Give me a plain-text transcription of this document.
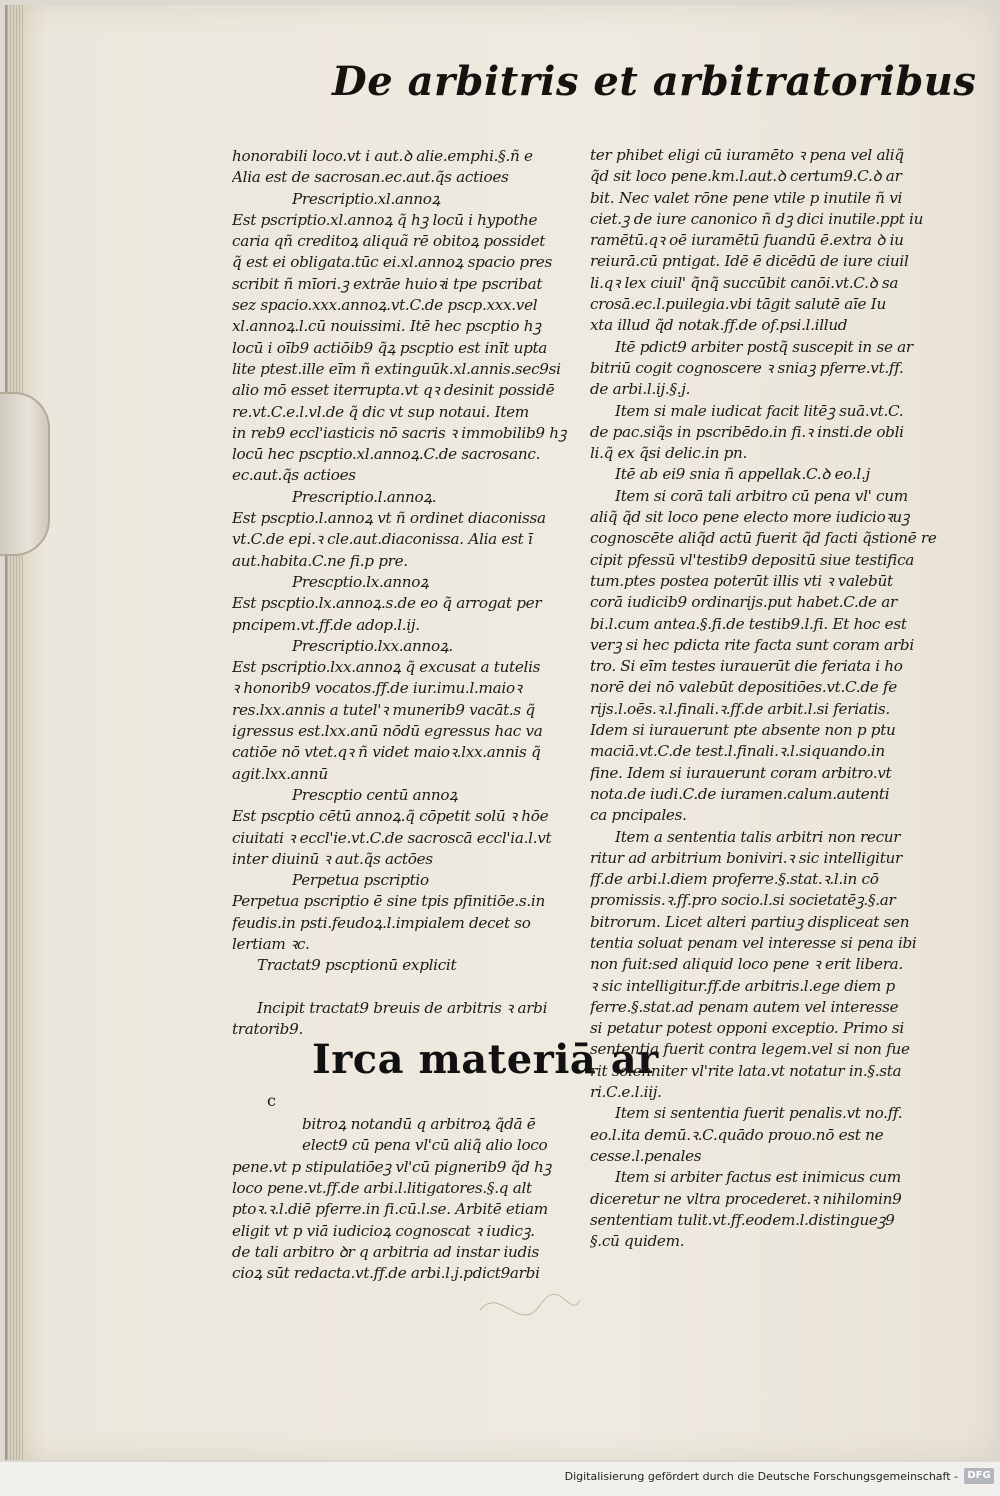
De arbitris et arbitratoribus
honorabili loco.vt i aut.ꝺ alie.emphi.§.ñ e
Alia est de sacrosan.ec.aut.q̃s actioes
Prescriptio.xl.annoꝝ
Est pscriptio.xl.annoꝝ q̃ hꝫ locū i hypothe
caria qñ creditoꝝ aliquã rē obitoꝝ possidet
q̃ est ei obligata.tūc ei.xl.annoꝝ spacio pres
scribit ñ mīori.ꝫ extrāe huioꝛi tpe pscribat
sez spacio.xxx.annoꝝ.vt.C.de pscp.xxx.vel
xl.annoꝝ.l.cū nouissimi. Itē hec pscptio hꝫ
locū i oīb9 actiōib9 q̃ꝝ pscptio est inīt upta
lite ptest.ille eīm ñ extinguūk.xl.annis.sec9si
alio mō esset iterrupta.vt qꝛ desinit possidē
re.vt.C.e.l.vl.de q̃ dic vt sup notaui. Item
in reb9 eccl'iasticis nō sacris ꝛ immobilib9 hꝫ
locū hec pscptio.xl.annoꝝ.C.de sacrosanc.
ec.aut.q̃s actioes
Prescriptio.l.annoꝝ.
Est pscptio.l.annoꝝ vt ñ ordinet diaconissa
vt.C.de epi.ꝛ cle.aut.diaconissa. Alia est ī
aut.habita.C.ne fi.p pre.
Prescptio.lx.annoꝝ
Est pscptio.lx.annoꝝ.s.de eo q̃ arrogat per
pncipem.vt.ff.de adop.l.ij.
Prescriptio.lxx.annoꝝ.
Est pscriptio.lxx.annoꝝ q̃ excusat a tutelis
ꝛ honorib9 vocatos.ff.de iur.imu.l.maioꝛ
res.lxx.annis a tutel'ꝛ munerib9 vacāt.s q̃
igressus est.lxx.anū nōdū egressus hac va
catiōe nō vtet.qꝛ ñ videt maioꝛ.lxx.annis q̃
agit.lxx.annū
Prescptio centū annoꝝ
Est pscptio cētū annoꝝ.q̃ cōpetit solū ꝛ hōe
ciuitati ꝛ eccl'ie.vt.C.de sacroscā eccl'ia.l.vt
inter diuinū ꝛ aut.q̃s actōes
Perpetua pscriptio
Perpetua pscriptio ē sine tpis pfinitiōe.s.in
feudis.in psti.feudoꝝ.l.impialem decet so
lertiam ꝛc.
Tractat9 pscptionū explicit
Incipit tractat9 breuis de arbitris ꝛ arbi
tratorib9.
Irca materiā ar
c
bitroꝝ notandū q arbitroꝝ q̃dā ē
elect9 cū pena vl'cū aliq̃ alio loco
pene.vt p stipulatiōeꝫ vl'cū pignerib9 q̃d hꝫ
loco pene.vt.ff.de arbi.l.litigatores.§.q alt
ptoꝛ.ꝛ.l.diē pferre.in fi.cū.l.se. Arbitē etiam
eligit vt p viā iudicioꝝ cognoscat ꝛ iudicꝫ.
de tali arbitro ꝺr q arbitria ad instar iudis
cioꝝ sūt redacta.vt.ff.de arbi.l.j.pdict9arbi
ter phibet eligi cū iuramēto ꝛ pena vel aliq̃
q̃d sit loco pene.km.l.aut.ꝺ certum9.C.ꝺ ar
bit. Nec valet rōne pene vtile p inutile ñ vi
ciet.ꝫ de iure canonico ñ dꝫ dici inutile.ppt iu
ramētū.qꝛ oē iuramētū fuandū ē.extra ꝺ iu
reiurā.cū pntigat. Idē ē dicēdū de iure ciuil
li.qꝛ lex ciuil' q̃nq̃ succūbit canōi.vt.C.ꝺ sa
crosā.ec.l.puilegia.vbi tāgit salutē aīe Iu
xta illud q̃d notak.ff.de of.psi.l.illud
Itē pdict9 arbiter postq̃ suscepit in se ar
bitriū cogit cognoscere ꝛ sniaꝫ pferre.vt.ff.
de arbi.l.ij.§.j.
Item si male iudicat facit litēꝫ suā.vt.C.
de pac.siq̃s in pscribēdo.in fi.ꝛ insti.de obli
li.q̃ ex q̃si delic.in pn.
Itē ab ei9 snia ñ appellak.C.ꝺ eo.l.j
Item si corā tali arbitro cū pena vl' cum
aliq̃ q̃d sit loco pene electo more iudicioꝛuꝫ
cognoscēte aliq̃d actū fuerit q̃d facti q̃stionē re
cipit pfessū vl'testib9 depositū siue testifica
tum.ptes postea poterūt illis vti ꝛ valebūt
corā iudicib9 ordinarijs.put habet.C.de ar
bi.l.cum antea.§.fi.de testib9.l.fi. Et hoc est
verꝫ si hec pdicta rite facta sunt coram arbi
tro. Si eīm testes iurauerūt die feriata i ho
norē dei nō valebūt depositiōes.vt.C.de fe
rijs.l.oēs.ꝛ.l.finali.ꝛ.ff.de arbit.l.si feriatis.
Idem si iurauerunt pte absente non p ptu
maciā.vt.C.de test.l.finali.ꝛ.l.siquando.in
fine. Idem si iurauerunt coram arbitro.vt
nota.de iudi.C.de iuramen.calum.autenti
ca pncipales.
Item a sententia talis arbitri non recur
ritur ad arbitrium boniviri.ꝛ sic intelligitur
ff.de arbi.l.diem proferre.§.stat.ꝛ.l.in cō
promissis.ꝛ.ff.pro socio.l.si societatēꝫ.§.ar
bitrorum. Licet alteri partiuꝫ displiceat sen
tentia soluat penam vel interesse si pena ibi
non fuit:sed aliquid loco pene ꝛ erit libera.
ꝛ sic intelligitur.ff.de arbitris.l.ege diem p
ferre.§.stat.ad penam autem vel interesse
si petatur potest opponi exceptio. Primo si
sententia fuerit contra legem.vel si non fue
rit solenniter vl'rite lata.vt notatur in.§.sta
ri.C.e.l.iij.
Item si sententia fuerit penalis.vt no.ff.
eo.l.ita demū.ꝛ.C.quādo prouo.nō est ne
cesse.l.penales
Item si arbiter factus est inimicus cum
diceretur ne vltra procederet.ꝛ nihilomin9
sententiam tulit.vt.ff.eodem.l.distingueꝫ9
§.cū quidem.
Digitalisierung gefördert durch die Deutsche Forschungsgemeinschaft - DFG
